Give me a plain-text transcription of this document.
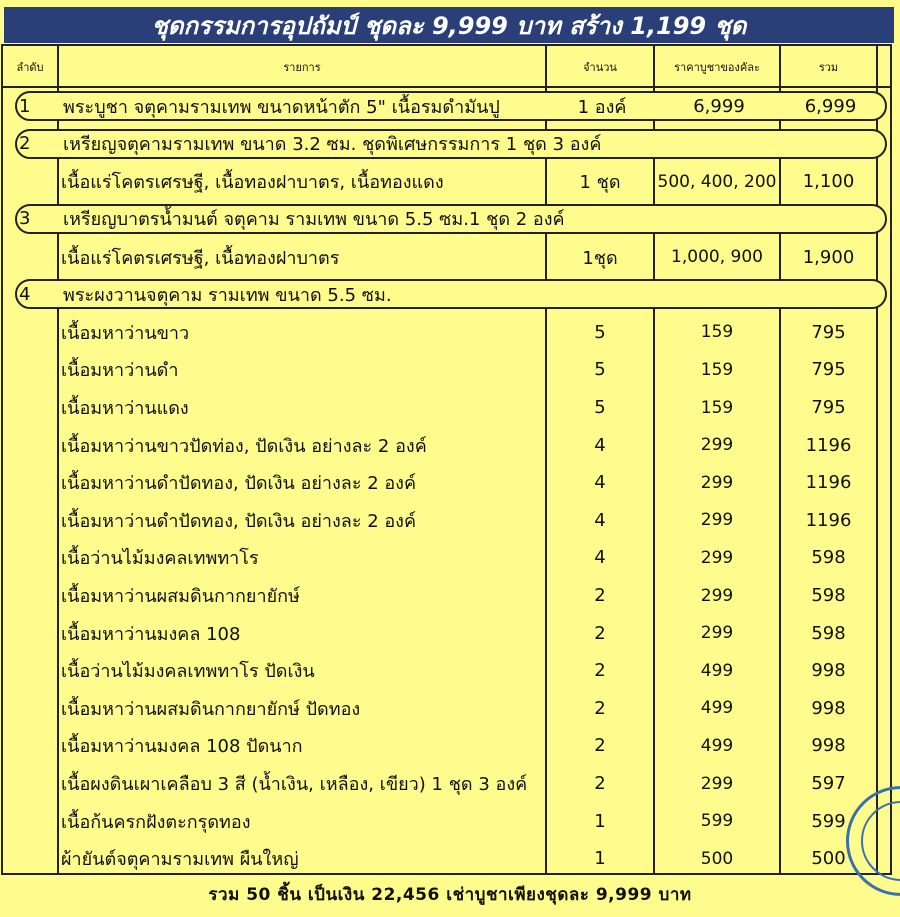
ชุดกรรมการอุปถัมป์ ชุดละ 9,999 บาท สร้าง 1,199 ชุด
ลำดับ	รายการ	จำนวน	ราคาบูชาของคัละ	รวม
1 พระบูชา จตุคามรามเทพ ขนาดหน้าตัก 5" เนื้อรมดำมันปู	1 องค์	6,999	6,999
2 เหรียญจตุคามรามเทพ ขนาด 3.2 ซม. ชุดพิเศษกรรมการ 1 ชุด 3 องค์
เนื้อแร่โคตรเศรษฐี, เนื้อทองฝาบาตร, เนื้อทองแดง	1 ชุด	500, 400, 200	1,100
3 เหรียญบาตรน้ำมนต์ จตุคาม รามเทพ ขนาด 5.5 ซม.1 ชุด 2 องค์
เนื้อแร่โคตรเศรษฐี, เนื้อทองฝาบาตร	1ชุด	1,000, 900	1,900
4 พระผงวานจตุคาม รามเทพ ขนาด 5.5 ซม.
เนื้อมหาว่านขาว	5	159	795
เนื้อมหาว่านดำ	5	159	795
เนื้อมหาว่านแดง	5	159	795
เนื้อมหาว่านขาวปัดท่อง, ปัดเงิน อย่างละ 2 องค์	4	299	1196
เนื้อมหาว่านดำปัดทอง, ปัดเงิน อย่างละ 2 องค์	4	299	1196
เนื้อมหาว่านดำปัดทอง, ปัดเงิน อย่างละ 2 องค์	4	299	1196
เนื้อว่านไม้มงคลเทพทาโร	4	299	598
เนื้อมหาว่านผสมดินกากยายักษ์	2	299	598
เนื้อมหาว่านมงคล 108	2	299	598
เนื้อว่านไม้มงคลเทพทาโร ปัดเงิน	2	499	998
เนื้อมหาว่านผสมดินกากยายักษ์ ปัดทอง	2	499	998
เนื้อมหาว่านมงคล 108 ปัดนาก	2	499	998
เนื้อผงดินเผาเคลือบ 3 สี (น้ำเงิน, เหลือง, เขียว) 1 ชุด 3 องค์	2	299	597
เนื้อก้นครกฝังตะกรุดทอง	1	599	599
ผ้ายันต์จตุคามรามเทพ ผืนใหญ่	1	500	500
รวม 50 ชิ้น เป็นเงิน 22,456 เช่าบูชาเพียงชุดละ 9,999 บาท
